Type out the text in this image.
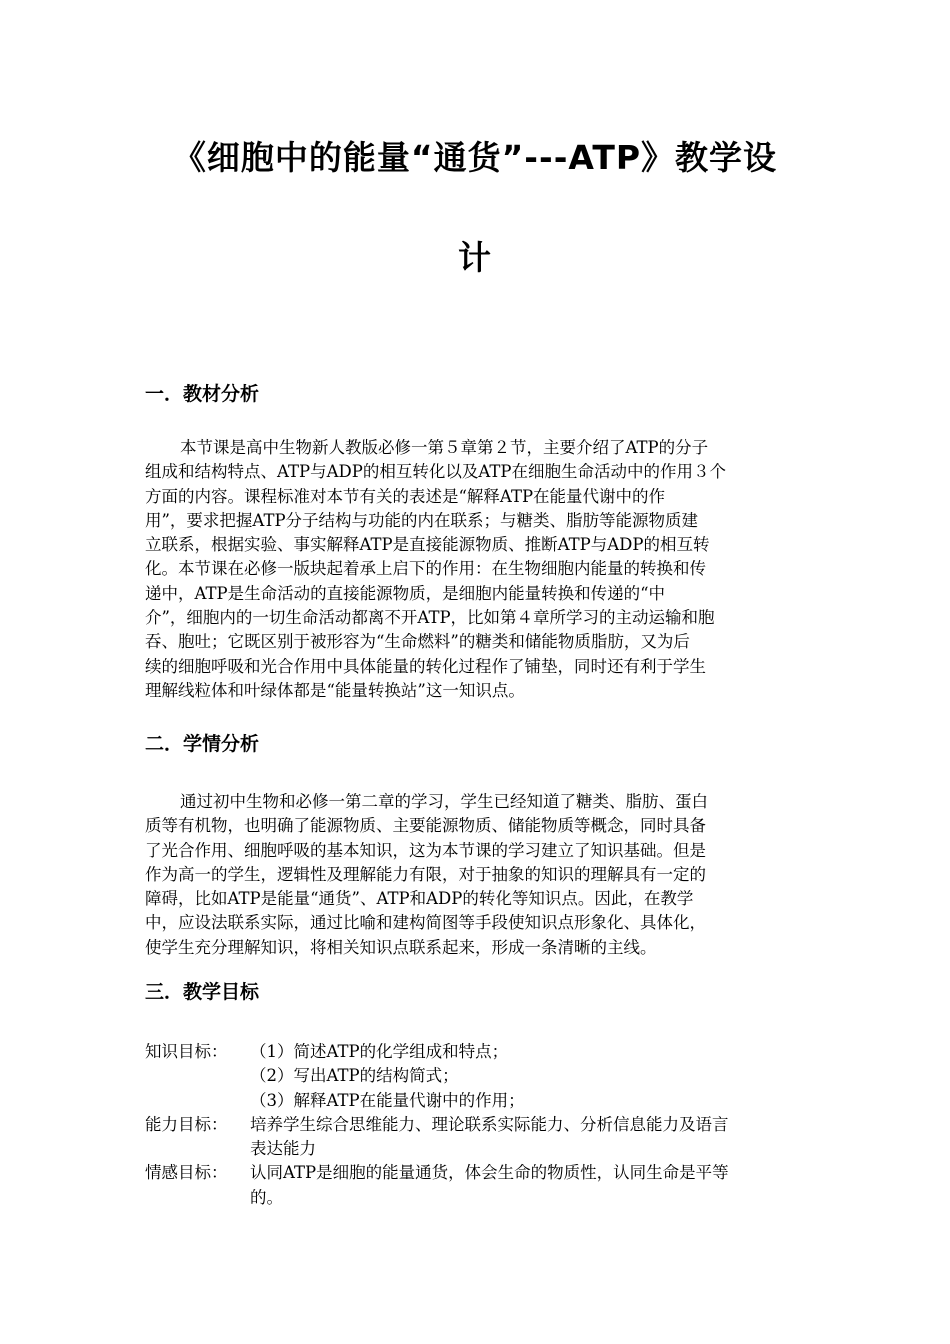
《细胞中的能量“通货”---ATP》教学设
计
一．教材分析
本节课是高中生物新人教版必修一第５章第２节，主要介绍了ATP的分子
组成和结构特点、ATP与ADP的相互转化以及ATP在细胞生命活动中的作用３个
方面的内容。课程标准对本节有关的表述是“解释ATP在能量代谢中的作
用”，要求把握ATP分子结构与功能的内在联系；与糖类、脂肪等能源物质建
立联系，根据实验、事实解释ATP是直接能源物质、推断ATP与ADP的相互转
化。本节课在必修一版块起着承上启下的作用：在生物细胞内能量的转换和传
递中，ATP是生命活动的直接能源物质，是细胞内能量转换和传递的“中
介”，细胞内的一切生命活动都离不开ATP，比如第４章所学习的主动运输和胞
吞、胞吐；它既区别于被形容为“生命燃料”的糖类和储能物质脂肪，又为后
续的细胞呼吸和光合作用中具体能量的转化过程作了铺垫，同时还有利于学生
理解线粒体和叶绿体都是“能量转换站”这一知识点。
二．学情分析
通过初中生物和必修一第二章的学习，学生已经知道了糖类、脂肪、蛋白
质等有机物，也明确了能源物质、主要能源物质、储能物质等概念，同时具备
了光合作用、细胞呼吸的基本知识，这为本节课的学习建立了知识基础。但是
作为高一的学生，逻辑性及理解能力有限，对于抽象的知识的理解具有一定的
障碍，比如ATP是能量“通货”、ATP和ADP的转化等知识点。因此，在教学
中，应设法联系实际，通过比喻和建构简图等手段使知识点形象化、具体化，
使学生充分理解知识，将相关知识点联系起来，形成一条清晰的主线。
三．教学目标
知识目标：	（1）简述ATP的化学组成和特点；
（2）写出ATP的结构简式；
（3）解释ATP在能量代谢中的作用；
能力目标：	培养学生综合思维能力、理论联系实际能力、分析信息能力及语言
表达能力
情感目标：	认同ATP是细胞的能量通货，体会生命的物质性，认同生命是平等
的。
